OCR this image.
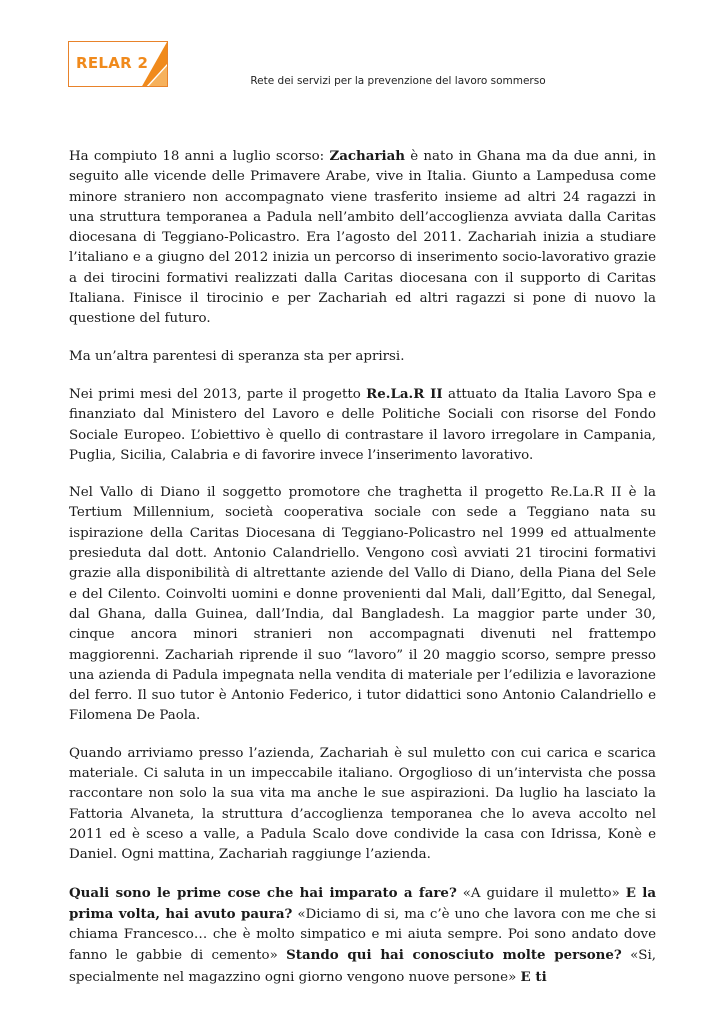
RELAR 2
Rete dei servizi per la prevenzione del lavoro sommerso

Ha compiuto 18 anni a luglio scorso: Zachariah è nato in Ghana ma da due anni, in seguito alle vicende delle Primavere Arabe, vive in Italia. Giunto a Lampedusa come minore straniero non accompagnato viene trasferito insieme ad altri 24 ragazzi in una struttura temporanea a Padula nell’ambito dell’accoglienza avviata dalla Caritas diocesana di Teggiano-Policastro. Era l’agosto del 2011. Zachariah inizia a studiare l’italiano e a giugno del 2012 inizia un percorso di inserimento socio-lavorativo grazie a dei tirocini formativi realizzati dalla Caritas diocesana con il supporto di Caritas Italiana. Finisce il tirocinio e per Zachariah ed altri ragazzi si pone di nuovo la questione del futuro.

Ma un’altra parentesi di speranza sta per aprirsi.

Nei primi mesi del 2013, parte il progetto Re.La.R II attuato da Italia Lavoro Spa e finanziato dal Ministero del Lavoro e delle Politiche Sociali con risorse del Fondo Sociale Europeo. L’obiettivo è quello di contrastare il lavoro irregolare in Campania, Puglia, Sicilia, Calabria e di favorire invece l’inserimento lavorativo.

Nel Vallo di Diano il soggetto promotore che traghetta il progetto Re.La.R II è la Tertium Millennium, società cooperativa sociale con sede a Teggiano nata su ispirazione della Caritas Diocesana di Teggiano-Policastro nel 1999 ed attualmente presieduta dal dott. Antonio Calandriello. Vengono così avviati 21 tirocini formativi grazie alla disponibilità di altrettante aziende del Vallo di Diano, della Piana del Sele e del Cilento. Coinvolti uomini e donne provenienti dal Mali, dall’Egitto, dal Senegal, dal Ghana, dalla Guinea, dall’India, dal Bangladesh. La maggior parte under 30, cinque ancora minori stranieri non accompagnati divenuti nel frattempo maggiorenni. Zachariah riprende il suo “lavoro” il 20 maggio scorso, sempre presso una azienda di Padula impegnata nella vendita di materiale per l’edilizia e lavorazione del ferro. Il suo tutor è Antonio Federico, i tutor didattici sono Antonio Calandriello e Filomena De Paola.

Quando arriviamo presso l’azienda, Zachariah è sul muletto con cui carica e scarica materiale. Ci saluta in un impeccabile italiano. Orgoglioso di un’intervista che possa raccontare non solo la sua vita ma anche le sue aspirazioni. Da luglio ha lasciato la Fattoria Alvaneta, la struttura d’accoglienza temporanea che lo aveva accolto nel 2011 ed è sceso a valle, a Padula Scalo dove condivide la casa con Idrissa, Konè e Daniel. Ogni mattina, Zachariah raggiunge l’azienda.

Quali sono le prime cose che hai imparato a fare? «A guidare il muletto» E la prima volta, hai avuto paura? «Diciamo di si, ma c’è uno che lavora con me che si chiama Francesco… che è molto simpatico e mi aiuta sempre. Poi sono andato dove fanno le gabbie di cemento» Stando qui hai conosciuto molte persone? «Si, specialmente nel magazzino ogni giorno vengono nuove persone» E ti
